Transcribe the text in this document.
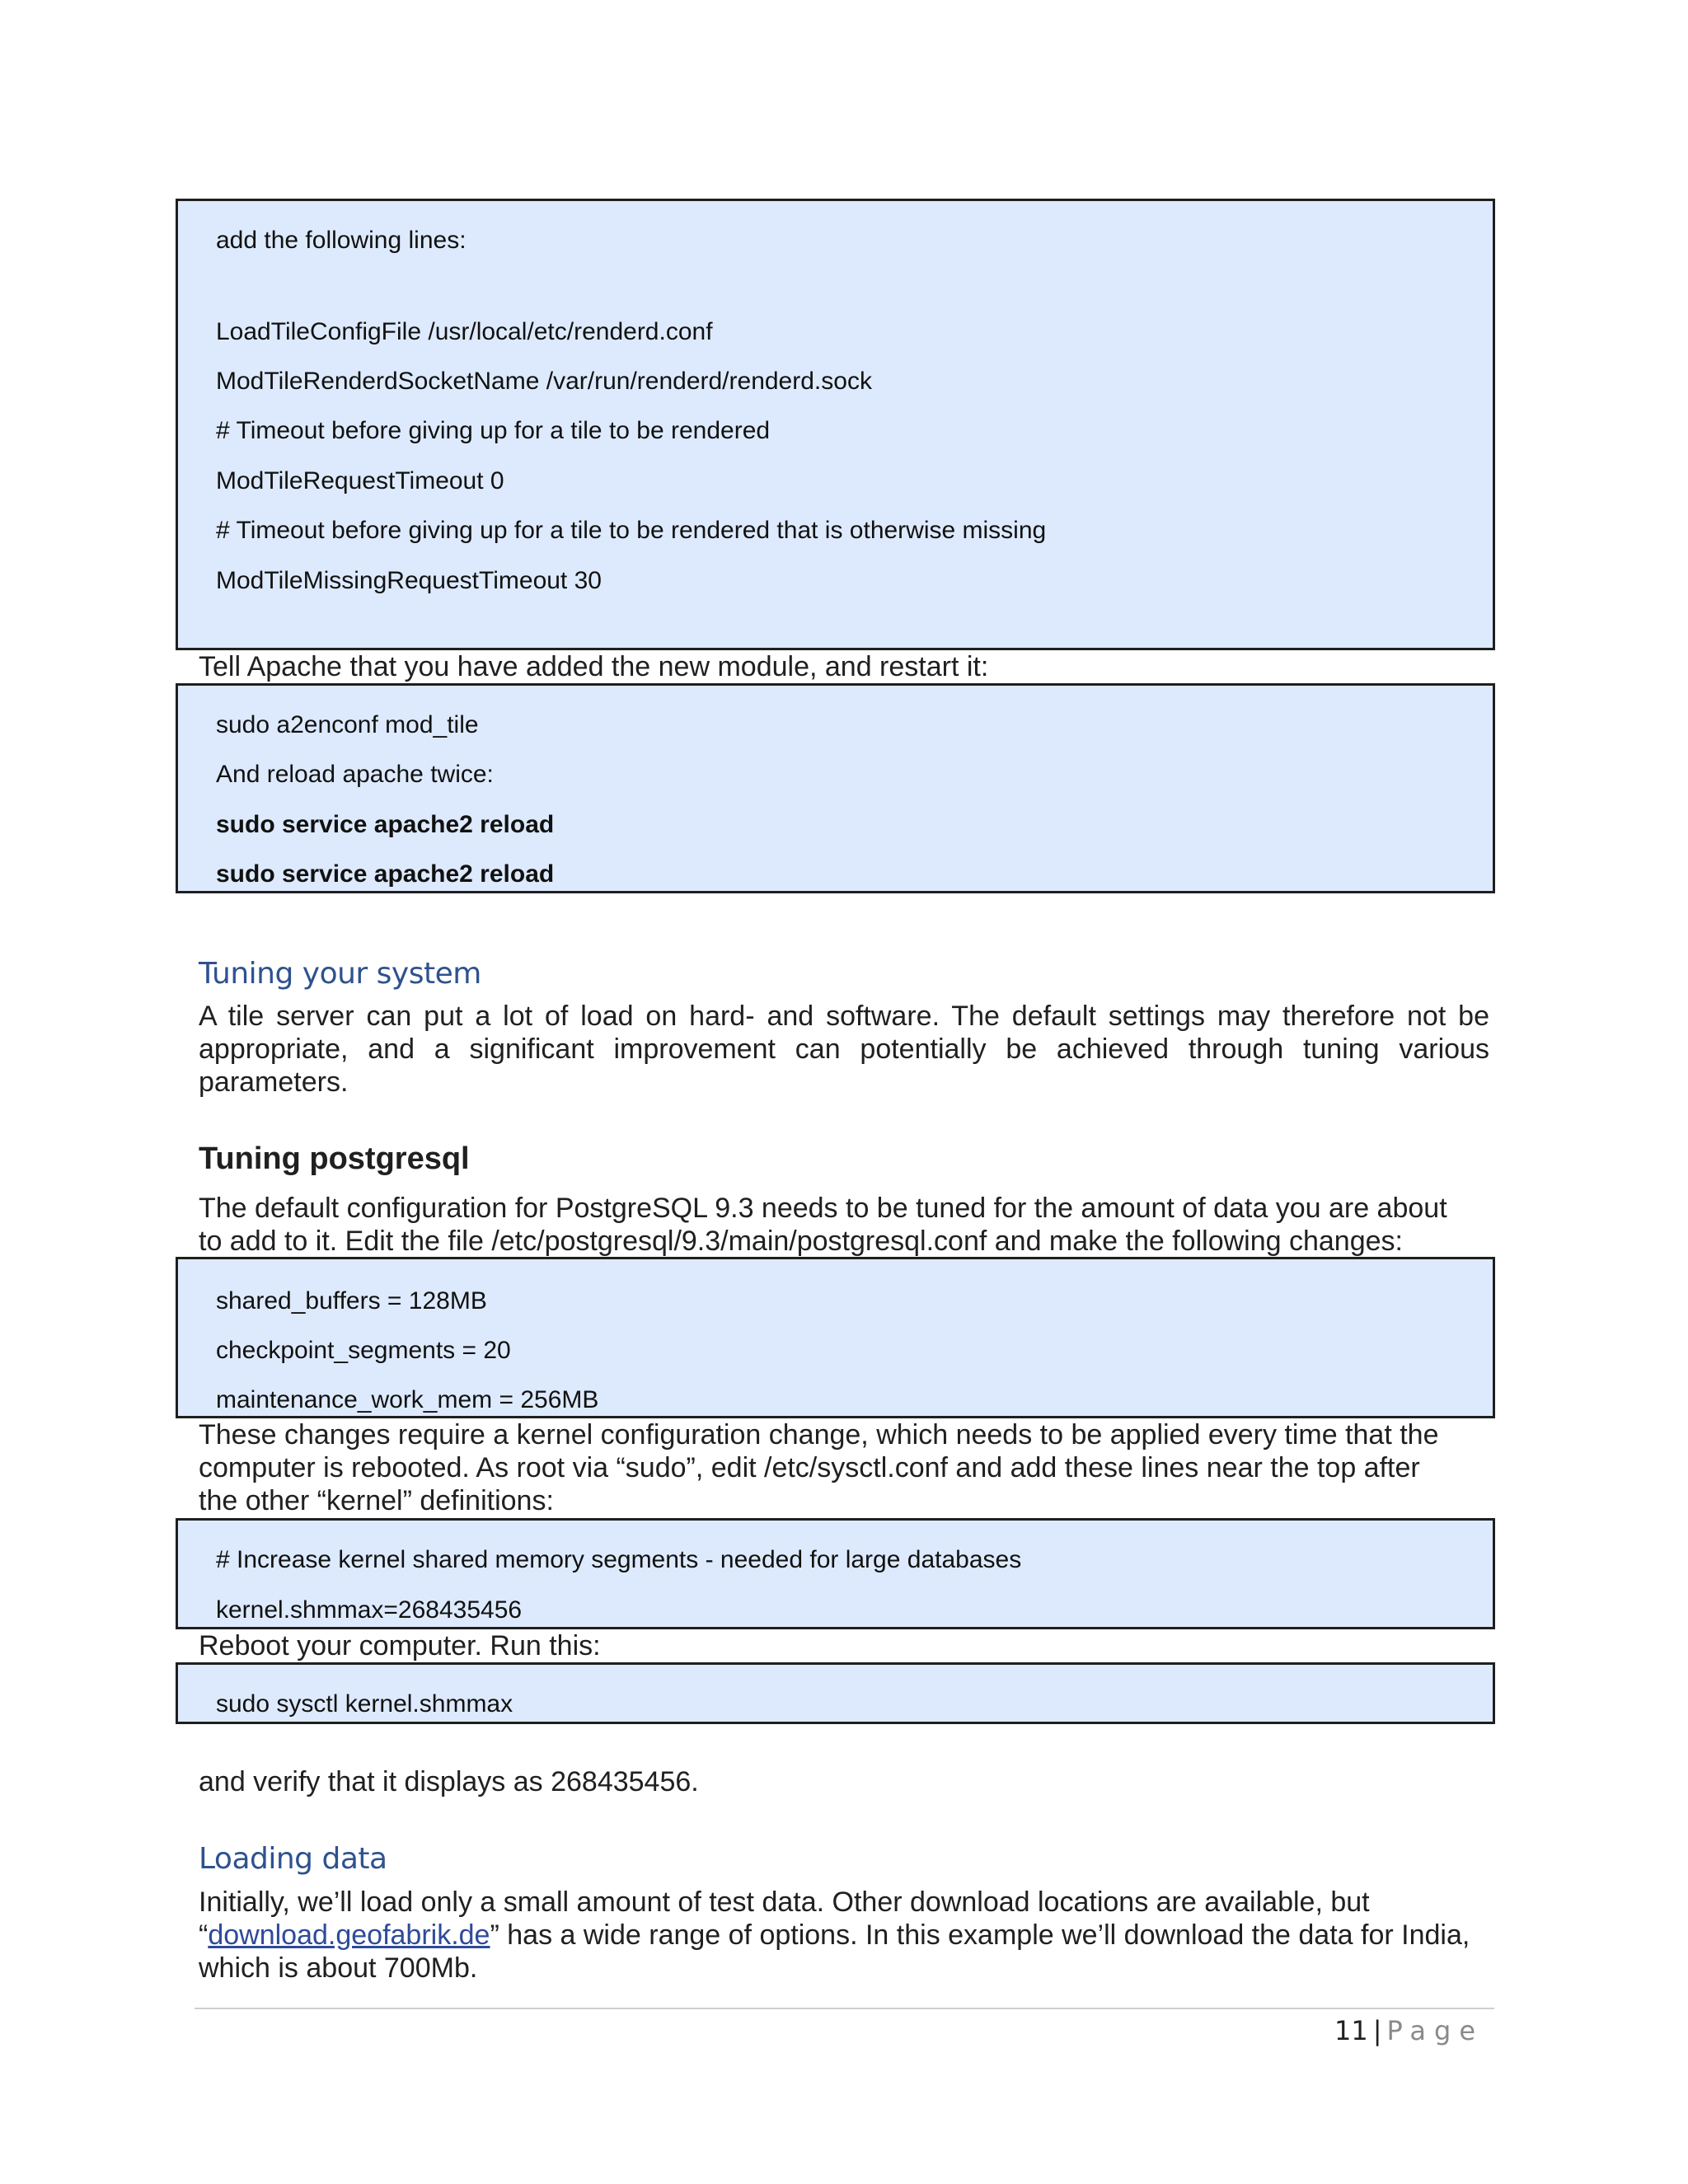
add the following lines:
LoadTileConfigFile /usr/local/etc/renderd.conf
ModTileRenderdSocketName /var/run/renderd/renderd.sock
# Timeout before giving up for a tile to be rendered
ModTileRequestTimeout 0
# Timeout before giving up for a tile to be rendered that is otherwise missing
ModTileMissingRequestTimeout 30
Tell Apache that you have added the new module, and restart it:
sudo a2enconf mod_tile
And reload apache twice:
sudo service apache2 reload
sudo service apache2 reload
Tuning your system
A tile server can put a lot of load on hard- and software. The default settings may therefore not be appropriate, and a significant improvement can potentially be achieved through tuning various parameters.
Tuning postgresql
The default configuration for PostgreSQL 9.3 needs to be tuned for the amount of data you are about
to add to it. Edit the file /etc/postgresql/9.3/main/postgresql.conf and make the following changes:
shared_buffers = 128MB
checkpoint_segments = 20
maintenance_work_mem = 256MB
These changes require a kernel configuration change, which needs to be applied every time that the
computer is rebooted. As root via “sudo”, edit /etc/sysctl.conf and add these lines near the top after
the other “kernel” definitions:
# Increase kernel shared memory segments - needed for large databases
kernel.shmmax=268435456
Reboot your computer. Run this:
sudo sysctl kernel.shmmax
and verify that it displays as 268435456.
Loading data
Initially, we’ll load only a small amount of test data. Other download locations are available, but
“download.geofabrik.de” has a wide range of options. In this example we’ll download the data for India,
which is about 700Mb.
11 | Page
